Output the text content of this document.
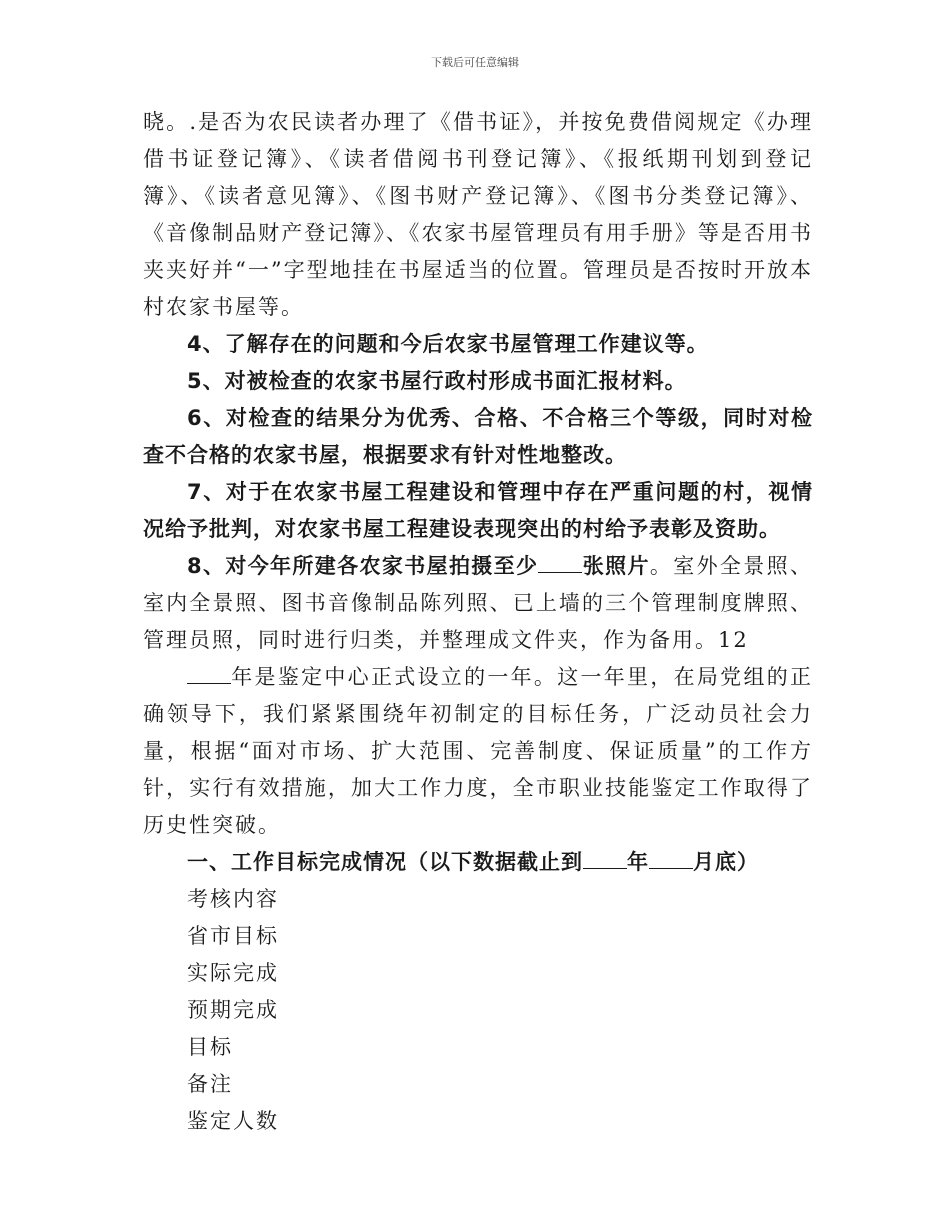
下载后可任意编辑

晓。.是否为农民读者办理了《借书证》，并按免费借阅规定《办理借书证登记簿》、《读者借阅书刊登记簿》、《报纸期刊划到登记簿》、《读者意见簿》、《图书财产登记簿》、《图书分类登记簿》、《音像制品财产登记簿》、《农家书屋管理员有用手册》等是否用书夹夹好并“一”字型地挂在书屋适当的位置。管理员是否按时开放本村农家书屋等。

4、了解存在的问题和今后农家书屋管理工作建议等。

5、对被检查的农家书屋行政村形成书面汇报材料。

6、对检查的结果分为优秀、合格、不合格三个等级，同时对检查不合格的农家书屋，根据要求有针对性地整改。

7、对于在农家书屋工程建设和管理中存在严重问题的村，视情况给予批判，对农家书屋工程建设表现突出的村给予表彰及资助。

8、对今年所建各农家书屋拍摄至少 张照片。室外全景照、室内全景照、图书音像制品陈列照、已上墙的三个管理制度牌照、管理员照，同时进行归类，并整理成文件夹，作为备用。12

年是鉴定中心正式设立的一年。这一年里，在局党组的正确领导下，我们紧紧围绕年初制定的目标任务，广泛动员社会力量，根据“面对市场、扩大范围、完善制度、保证质量”的工作方针，实行有效措施，加大工作力度，全市职业技能鉴定工作取得了历史性突破。

一、工作目标完成情况（以下数据截止到 年 月底）

考核内容

省市目标

实际完成

预期完成

目标

备注

鉴定人数
